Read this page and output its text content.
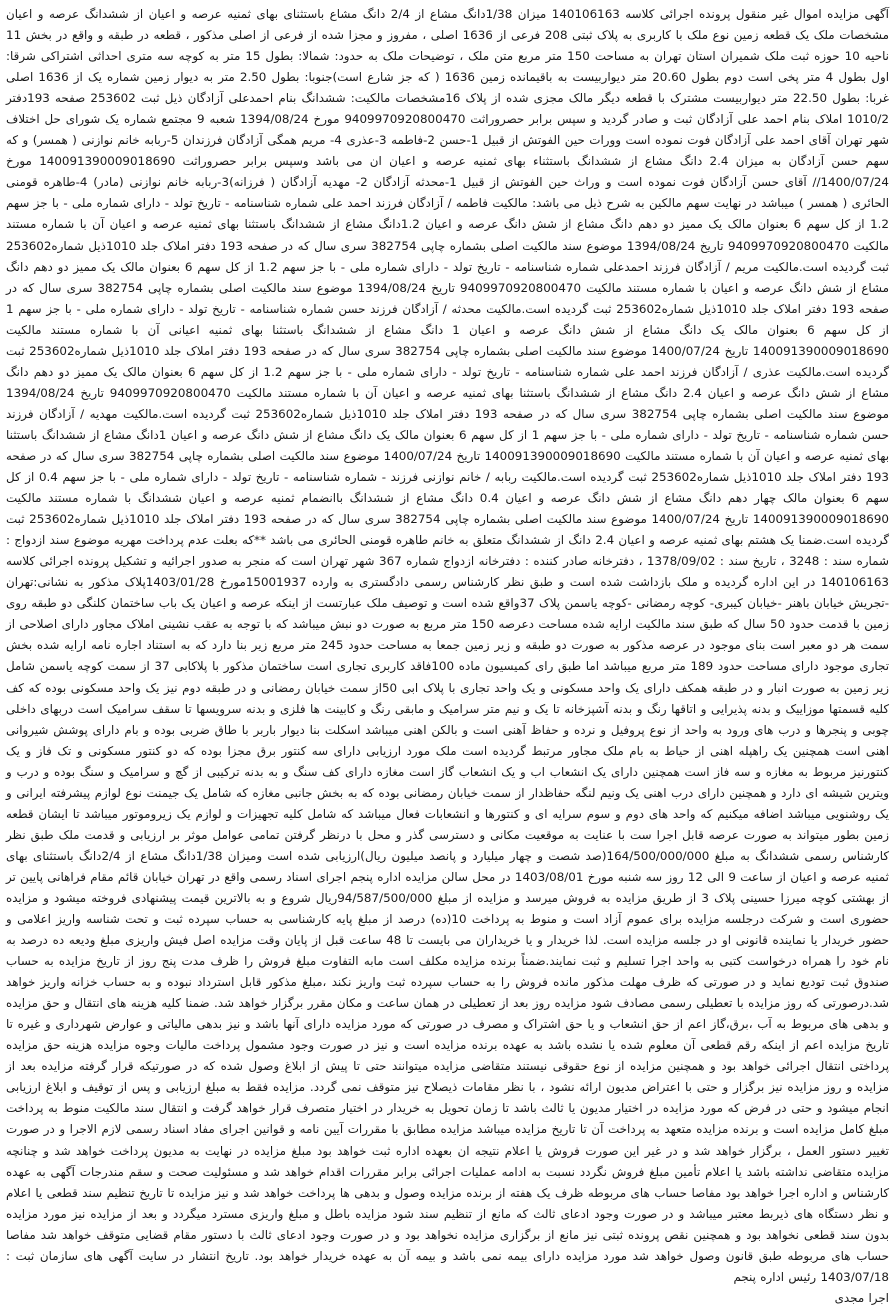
آگهی مزایده اموال غیر منقول پرونده اجرائی کلاسه 140106163 میزان 1/38دانگ مشاع از 2/4 دانگ مشاع باستثنای بهای ثمنیه عرصه و اعیان از ششدانگ عرصه و اعیان مشخصات ملک یک قطعه زمین نوع ملک با کاربری به پلاک ثبتی 208 فرعی از 1636 اصلی ، مفروز و مجزا شده از فرعی از اصلی مذکور ، قطعه در طبقه و واقع در بخش 11 ناحیه 10 حوزه ثبت ملک شمیران استان تهران به مساحت 150 متر مربع متن ملک ، توضیحات ملک به حدود: شمالا: بطول 15 متر به کوچه سه متری احداثی اشتراکی شرقا: اول بطول 4 متر پخی است دوم بطول 20.60 متر دیواربیست به باقیمانده زمین 1636 ( که جز شارع است)جنوبا: بطول 2.50 متر به دیوار زمین شماره یک از 1636 اصلی غربا: بطول 22.50 متر دیواربیست مشترک با قطعه دیگر مالک مجزی شده از پلاک 16مشخصات مالکیت: ششدانگ بنام احمدعلی آزادگان ذیل ثبت 253602 صفحه 193دفتر 1010/2 املاک بنام احمد علی آزادگان ثبت و صادر گردید و سپس برابر حصروراثت 9409970920800470 مورخ 1394/08/24 شعبه 9 مجتمع شماره یک شورای حل اختلاف شهر تهران آقای احمد علی آزادگان فوت نموده است وورات حین الفوتش از قبیل 1-حسن 2-فاطمه 3-عذری 4- مریم همگی آزادگان فرزندان 5-ربابه خانم نوازنی ( همسر) و که سهم حسن آزادگان به میزان 2.4 دانگ مشاع از ششدانگ باستثناء بهای ثمنیه عرصه و اعیان ان می باشد وسپس برابر حصروراثت 140091390009018690 مورخ 1400/07/24// آقای حسن آزادگان فوت نموده است و وراث حین الفوتش از قبیل 1-محدثه آزادگان 2- مهدیه آزادگان ( فرزانه)3-ربابه خانم نوازنی (مادر) 4-طاهره قومنی الحائری ( همسر ) میباشد در نهایت سهم مالکین به شرح ذیل می باشد: مالکیت فاطمه / آزادگان فرزند احمد علی شماره شناسنامه - تاریخ تولد - دارای شماره ملی - با جز سهم 1.2 از کل سهم 6 بعنوان مالک یک ممیز دو دهم دانگ مشاع از شش دانگ عرصه و اعیان 1.2دانگ مشاع از ششدانگ باستثنا بهای ثمنیه عرصه و اعیان آن با شماره مستند مالکیت 9409970920800470 تاریخ 1394/08/24 موضوع سند مالکیت اصلی بشماره چاپی 382754 سری سال که در صفحه 193 دفتر املاک جلد 1010ذیل شماره253602 ثبت گردیده است.مالکیت مریم / آزادگان فرزند احمدعلی شماره شناسنامه - تاریخ تولد - دارای شماره ملی - با جز سهم 1.2 از کل سهم 6 بعنوان مالک یک ممیز دو دهم دانگ مشاع از شش دانگ عرصه و اعیان با شماره مستند مالکیت 9409970920800470 تاریخ 1394/08/24 موضوع سند مالکیت اصلی بشماره چاپی 382754 سری سال که در صفحه 193 دفتر املاک جلد 1010ذیل شماره253602 ثبت گردیده است.مالکیت محدثه / آزادگان فرزند حسن شماره شناسنامه - تاریخ تولد - دارای شماره ملی - با جز سهم 1 از کل سهم 6 بعنوان مالک یک دانگ مشاع از شش دانگ عرصه و اعیان 1 دانگ مشاع از ششدانگ باستثنا بهای ثمنیه اعیانی آن با شماره مستند مالکیت 140091390009018690 تاریخ 1400/07/24 موضوع سند مالکیت اصلی بشماره چاپی 382754 سری سال که در صفحه 193 دفتر املاک جلد 1010ذیل شماره253602 ثبت گردیده است.مالکیت عذری / آزادگان فرزند احمد علی شماره شناسنامه - تاریخ تولد - دارای شماره ملی - با جز سهم 1.2 از کل سهم 6 بعنوان مالک یک ممیز دو دهم دانگ مشاع از شش دانگ عرصه و اعیان 2.4 دانگ مشاع از ششدانگ باستثنا بهای ثمنیه عرصه و اعیان آن با شماره مستند مالکیت 9409970920800470 تاریخ 1394/08/24 موضوع سند مالکیت اصلی بشماره چاپی 382754 سری سال که در صفحه 193 دفتر املاک جلد 1010ذیل شماره253602 ثبت گردیده است.مالکیت مهدیه / آزادگان فرزند حسن شماره شناسنامه - تاریخ تولد - دارای شماره ملی - با جز سهم 1 از کل سهم 6 بعنوان مالک یک دانگ مشاع از شش دانگ عرصه و اعیان 1دانگ مشاع از ششدانگ باستثنا بهای ثمنیه عرصه و اعیان آن با شماره مستند مالکیت 140091390009018690 تاریخ 1400/07/24 موضوع سند مالکیت اصلی بشماره چاپی 382754 سری سال که در صفحه 193 دفتر املاک جلد 1010ذیل شماره253602 ثبت گردیده است.مالکیت ربابه / خانم نوازنی فرزند - شماره شناسنامه - تاریخ تولد - دارای شماره ملی - با جز سهم 0.4 از کل سهم 6 بعنوان مالک چهار دهم دانگ مشاع از شش دانگ عرصه و اعیان 0.4 دانگ مشاع از ششدانگ باانضمام ثمنیه عرصه و اعیان ششدانگ با شماره مستند مالکیت 140091390009018690 تاریخ 1400/07/24 موضوع سند مالکیت اصلی بشماره چاپی 382754 سری سال که در صفحه 193 دفتر املاک جلد 1010ذیل شماره253602 ثبت گردیده است.ضمنا یک هشتم بهای ثمنیه عرصه و اعیان 2.4 دانگ از ششدانگ متعلق به خانم طاهره قومنی الحائری می باشد **که بعلت عدم پرداخت مهریه موضوع سند ازدواج : شماره سند : 3248 ، تاریخ سند : 1378/09/02 ، دفترخانه صادر کننده : دفترخانه ازدواج شماره 367 شهر تهران است که منجر به صدور اجرائیه و تشکیل پرونده اجرائی کلاسه 140106163 در این اداره گردیده و ملک بازداشت شده است و طبق نظر کارشناس رسمی دادگستری به وارده 15001937مورخ 1403/01/28پلاک مذکور به نشانی:تهران -تجریش خیابان باهنر -خیابان کیبری- کوچه رمضانی -کوچه یاسمن پلاک 37واقع شده است و توصیف ملک عبارتست از اینکه عرصه و اعیان یک باب ساختمان کلنگی دو طبقه روی زمین با قدمت حدود 50 سال که طبق سند مالکیت ارایه شده مساحت دعرصه 150 متر مربع به صورت دو نبش میباشد که با توجه به عقب نشینی املاک مجاور دارای اصلاحی از سمت هر دو معبر است بنای موجود در عرصه مذکور به صورت دو طبقه و زیر زمین جمعا به مساحت حدود 245 متر مربع زیر بنا دارد که به استناد اجاره نامه ارایه شده بخش تجاری موجود دارای مساحت حدود 189 متر مربع میباشد اما طبق رای کمیسیون ماده 100فاقد کاربری تجاری است ساختمان مذکور با پلاکابی 37 از سمت کوچه یاسمن شامل زیر زمین به صورت انبار و در طبقه همکف دارای یک واحد مسکونی و یک واحد تجاری با پلاک ابی 50از سمت خیابان رمضانی و در طبقه دوم نیز یک واحد مسکونی بوده که کف کلیه قسمتها موزاییک و بدنه پذیرایی و اتاقها رنگ و بدنه آشپزخانه تا یک و نیم متر سرامیک و مابقی رنگ و کابینت ها فلزی و بدنه سرویسها تا سقف سرامیک است دربهای داخلی چوبی و پنجرها و درب های ورود به واحد از نوع پروفیل و نرده و حفاظ آهنی است و بالکن اهنی میباشد اسکلت بنا دیوار باربر با طاق ضربی بوده و بام دارای پوشش شیروانی اهنی است همچنین یک راهپله اهنی از حیاط به بام ملک مجاور مرتبط گردیده است ملک مورد ارزیابی دارای سه کنتور برق مجزا بوده که دو کنتور مسکونی و تک فاز و یک کنتورنیز مربوط به مغازه و سه فاز است همچنین دارای یک انشعاب اب و یک انشعاب گاز است مغازه دارای کف سنگ و به بدنه ترکیبی از گچ و سرامیک و سنگ بوده و درب و ویترین شیشه ای دارد و همچنین دارای درب اهنی یک ونیم لنگه حفاظدار از سمت خیابان رمضانی بوده که به بخش جانبی مغازه که شامل یک جیمنت نوع لوازم پیشرفته ایرانی و یک روشنویی میباشد اضافه میکنیم که واحد های دوم و سوم سرایه ای و کنتورها و انشعابات فعال میباشد که شامل کلیه تجهیزات و لوازم یک زیروموتور میباشد تا ایشان قطعه زمین بطور میتواند به صورت عرصه قابل اجرا ست با عنایت به موقعیت مکانی و دسترسی گذر و محل با درنظر گرفتن تمامی عوامل موثر بر ارزیابی و قدمت ملک طبق نظر کارشناس رسمی ششدانگ به مبلغ 164/500/000/000(صد شصت و چهار میلیارد و پانصد میلیون ریال)ارزیابی شده است ومیزان 1/38دانگ مشاع از 2/4دانگ باستثنای بهای ثمنیه عرصه و اعیان از ساعت 9 الی 12 روز سه شنبه مورخ 1403/08/01 در محل سالن مزایده اداره پنجم اجرای اسناد رسمی واقع در تهران خیابان قائم مقام فراهانی پایین تر از بهشتی کوچه میرزا حسینی پلاک 3 از طریق مزایده به فروش میرسد و مزایده از مبلغ 94/587/500/000ریال شروع و به بالاترین قیمت پیشنهادی فروخته میشود و مزایده حضوری است و شرکت درجلسه مزایده برای عموم آزاد است و منوط به پرداخت 10(ده) درصد از مبلغ پایه کارشناسی به حساب سپرده ثبت و تحت شناسه واریز اعلامی و حضور خریدار یا نماینده قانونی او در جلسه مزایده است. لذا خریدار و یا خریداران می بایست تا 48 ساعت قبل از پایان وقت مزایده اصل فیش واریزی مبلغ ودیعه ده درصد به نام خود را همراه درخواست کتبی به واحد اجرا تسلیم و ثبت نمایند.ضمناً برنده مزایده مکلف است مابه التفاوت مبلغ فروش را ظرف مدت پنج روز از تاریخ مزایده به حساب صندوق ثبت تودیع نماید و در صورتی که ظرف مهلت مذکور مانده فروش را به حساب سپرده ثبت واریز نکند ،مبلغ مذکور قابل استرداد نبوده و به حساب خزانه واریز خواهد شد.درصورتی که روز مزایده با تعطیلی رسمی مصادف شود مزایده روز بعد از تعطیلی در همان ساعت و مکان مقرر برگزار خواهد شد. ضمنا کلیه هزینه های انتقال و حق مزایده و بدهی های مربوط به آب ،برق،گاز اعم از حق انشعاب و یا حق اشتراک و مصرف در صورتی که مورد مزایده دارای آنها باشد و نیز بدهی مالیاتی و عوارض شهرداری و غیره تا تاریخ مزایده اعم از اینکه رقم قطعی آن معلوم شده یا نشده باشد به عهده برنده مزایده است و نیز در صورت وجود مشمول پرداخت مالیات وجوه مزایده هزینه حق مزایده پرداختی انتقال اجرائی خواهد بود و همچنین مزایده از نوع حقوقی نیستند متقاضی مزایده میتوانند حتی تا پیش از ابلاغ وصول شده که در صورتیکه قرار گرفته مزایده بعد از مزایده و روز مزایده نیز برگزار و حتی با اعتراض مدیون ارائه نشود ، با نظر مقامات ذیصلاح نیز متوقف نمی گردد. مزایده فقط به مبلغ ارزیابی و پس از توقیف و ابلاغ ارزیابی انجام میشود و حتی در فرض که مورد مزایده در اختیار مدیون یا ثالث باشد تا زمان تحویل به خریدار در اختیار متصرف قرار خواهد گرفت و انتقال سند مالکیت منوط به پرداخت مبلغ کامل مزایده است و برنده مزایده متعهد به پرداخت آن تا تاریخ مزایده میباشد مزایده مطابق با مقررات آیین نامه و قوانین اجرای مفاد اسناد رسمی لازم الاجرا و در صورت تغییر دستور العمل ، برگزار خواهد شد و در غیر این صورت فروش یا اعلام نتیجه ان بعهده اداره ثبت خواهد بود مبلغ مزایده در نهایت به مدیون پرداخت خواهد شد و چنانچه مزایده متقاضی نداشته باشد یا اعلام تأمین مبلغ فروش نگردد نسبت به ادامه عملیات اجرائی برابر مقررات اقدام خواهد شد و مسئولیت صحت و سقم مندرجات آگهی به عهده کارشناس و اداره اجرا خواهد بود مفاصا حساب های مربوطه ظرف یک هفته از برنده مزایده وصول و بدهی ها پرداخت خواهد شد و نیز مزایده تا تاریخ تنظیم سند قطعی یا اعلام و نظر دستگاه های ذیربط معتبر میباشد و در صورت وجود ادعای ثالث که مانع از تنظیم سند شود مزایده باطل و مبلغ واریزی مسترد میگردد و بعد از مزایده نیز مورد مزایده بدون سند قطعی نخواهد بود و همچنین نقص پرونده ثبتی نیز مانع از برگزاری مزایده نخواهد بود و در صورت وجود ادعای ثالث با دستور مقام قضایی متوقف خواهد شد مفاصا حساب های مربوطه طبق قانون وصول خواهد شد مورد مزایده دارای بیمه نمی باشد و بیمه آن به عهده خریدار خواهد بود. تاریخ انتشار در سایت آگهی های سازمان ثبت : 1403/07/18 رئیس اداره پنجم

اجرا مجدی
